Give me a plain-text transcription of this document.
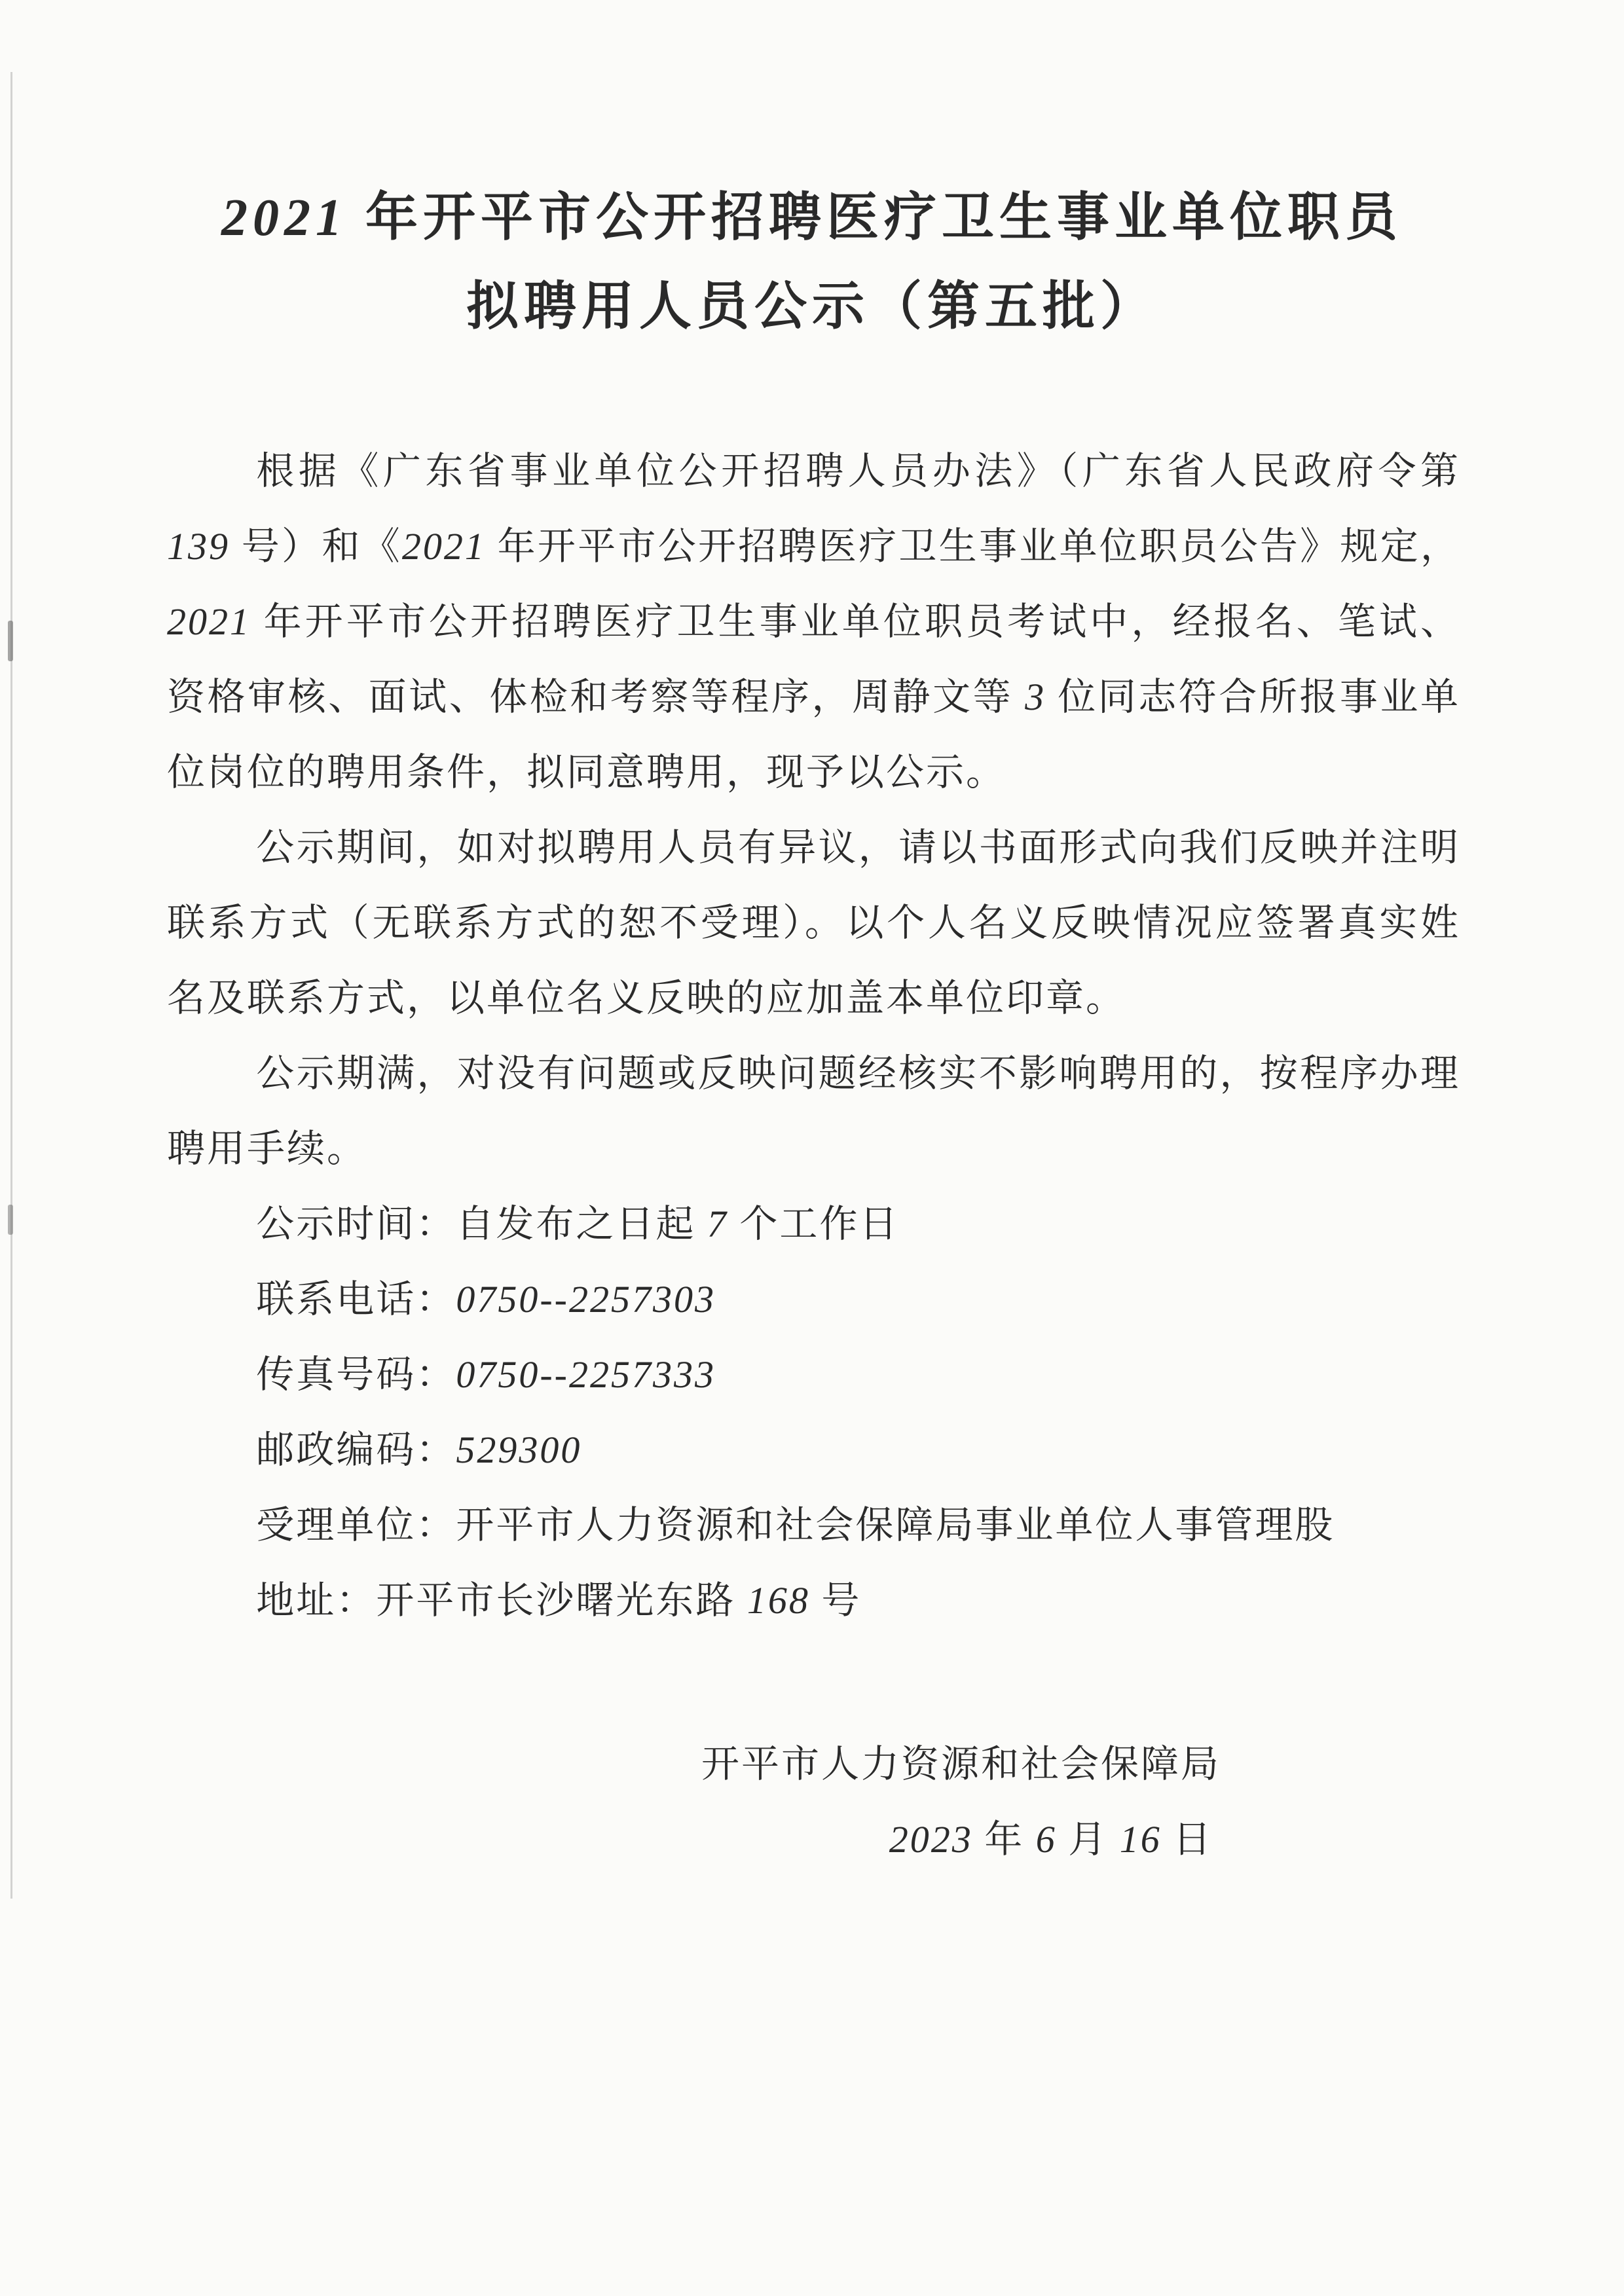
2021 年开平市公开招聘医疗卫生事业单位职员
拟聘用人员公示（第五批）

根据《广东省事业单位公开招聘人员办法》（广东省人民政府令第 139 号）和《2021 年开平市公开招聘医疗卫生事业单位职员公告》规定，2021 年开平市公开招聘医疗卫生事业单位职员考试中，经报名、笔试、资格审核、面试、体检和考察等程序，周静文等 3 位同志符合所报事业单位岗位的聘用条件，拟同意聘用，现予以公示。

公示期间，如对拟聘用人员有异议，请以书面形式向我们反映并注明联系方式（无联系方式的恕不受理）。以个人名义反映情况应签署真实姓名及联系方式，以单位名义反映的应加盖本单位印章。

公示期满，对没有问题或反映问题经核实不影响聘用的，按程序办理聘用手续。

公示时间：自发布之日起 7 个工作日

联系电话：0750--2257303

传真号码：0750--2257333

邮政编码：529300

受理单位：开平市人力资源和社会保障局事业单位人事管理股

地址：开平市长沙曙光东路 168 号

开平市人力资源和社会保障局

2023 年 6 月 16 日
